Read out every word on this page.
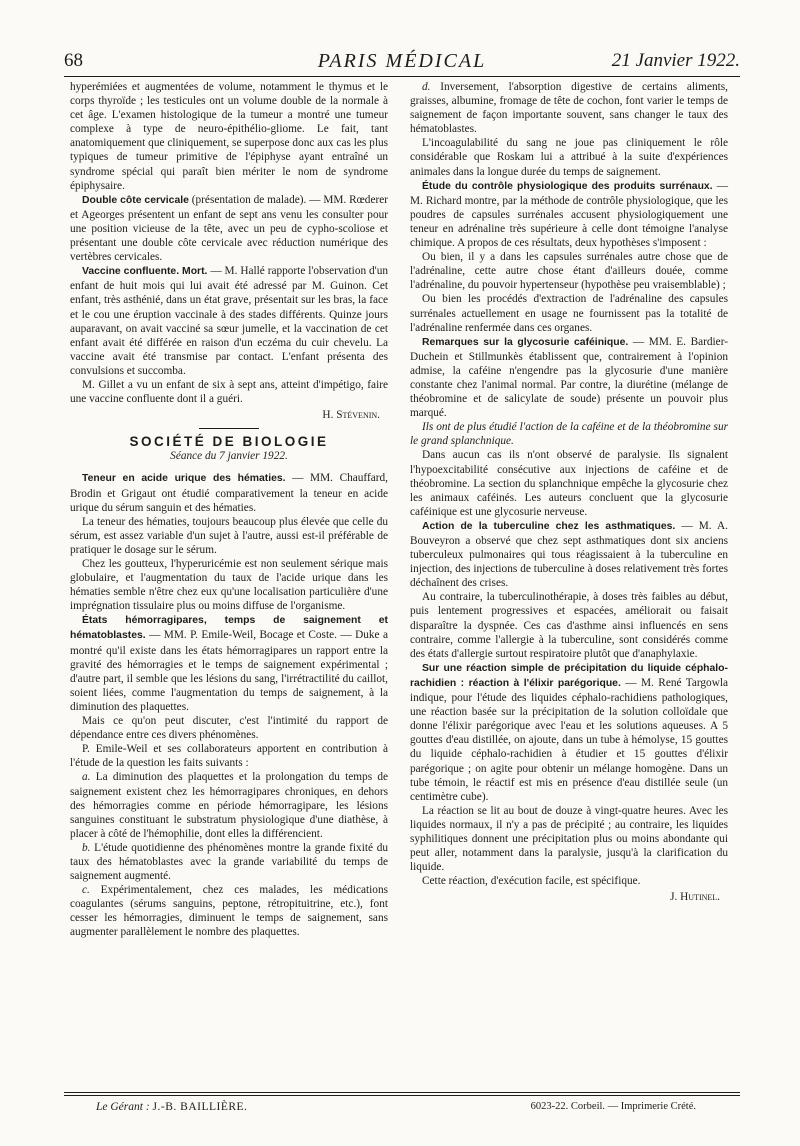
68	PARIS MÉDICAL	21 Janvier 1922.

hyperémiées et augmentées de volume, notamment le thymus et le corps thyroïde ; les testicules ont un volume double de la normale à cet âge. L'examen histologique de la tumeur a montré une tumeur complexe à type de neuro-épithélio-gliome. Le fait, tant anatomiquement que cliniquement, se superpose donc aux cas les plus typiques de tumeur primitive de l'épiphyse ayant entraîné un syndrome spécial qui paraît bien mériter le nom de syndrome épiphysaire.

Double côte cervicale (présentation de malade). — MM. Rœderer et Ageorges présentent un enfant de sept ans venu les consulter pour une position vicieuse de la tête, avec un peu de cypho-scoliose et présentant une double côte cervicale avec réduction numérique des vertèbres cervicales.

Vaccine confluente. Mort. — M. Hallé rapporte l'observation d'un enfant de huit mois qui lui avait été adressé par M. Guinon. Cet enfant, très asthénié, dans un état grave, présentait sur les bras, la face et le cou une éruption vaccinale à des stades différents. Quinze jours auparavant, on avait vacciné sa sœur jumelle, et la vaccination de cet enfant avait été différée en raison d'un eczéma du cuir chevelu. La vaccine avait été transmise par contact. L'enfant présenta des convulsions et succomba.

M. Gillet a vu un enfant de six à sept ans, atteint d'impétigo, faire une vaccine confluente dont il a guéri.

H. Stévenin.
SOCIÉTÉ DE BIOLOGIE
Séance du 7 janvier 1922.

Teneur en acide urique des hématies. — MM. Chauffard, Brodin et Grigaut ont étudié comparativement la teneur en acide urique du sérum sanguin et des hématies.

La teneur des hématies, toujours beaucoup plus élevée que celle du sérum, est assez variable d'un sujet à l'autre, aussi est-il préférable de pratiquer le dosage sur le sérum.

Chez les goutteux, l'hyperuricémie est non seulement sérique mais globulaire, et l'augmentation du taux de l'acide urique dans les hématies semble n'être chez eux qu'une localisation particulière d'une imprégnation tissulaire plus ou moins diffuse de l'organisme.

États hémorragipares, temps de saignement et hématoblastes. — MM. P. Emile-Weil, Bocage et Coste. — Duke a montré qu'il existe dans les états hémorragipares un rapport entre la gravité des hémorragies et le temps de saignement expérimental ; d'autre part, il semble que les lésions du sang, l'irrétractilité du caillot, soient liées, comme l'augmentation du temps de saignement, à la diminution des plaquettes.

Mais ce qu'on peut discuter, c'est l'intimité du rapport de dépendance entre ces divers phénomènes.

P. Emile-Weil et ses collaborateurs apportent en contribution à l'étude de la question les faits suivants :

a. La diminution des plaquettes et la prolongation du temps de saignement existent chez les hémorragipares chroniques, en dehors des hémorragies comme en période hémorragipare, les lésions sanguines constituant le substratum physiologique d'une diathèse, à placer à côté de l'hémophilie, dont elles la différencient.

b. L'étude quotidienne des phénomènes montre la grande fixité du taux des hématoblastes avec la grande variabilité du temps de saignement augmenté.

c. Expérimentalement, chez ces malades, les médications coagulantes (sérums sanguins, peptone, rétropituitrine, etc.), font cesser les hémorragies, diminuent le temps de saignement, sans augmenter parallèlement le nombre des plaquettes.

d. Inversement, l'absorption digestive de certains aliments, graisses, albumine, fromage de tête de cochon, font varier le temps de saignement de façon importante souvent, sans changer le taux des hématoblastes.

L'incoagulabilité du sang ne joue pas cliniquement le rôle considérable que Roskam lui a attribué à la suite d'expériences animales dans la longue durée du temps de saignement.

Étude du contrôle physiologique des produits surrénaux. — M. Richard montre, par la méthode de contrôle physiologique, que les poudres de capsules surrénales accusent physiologiquement une teneur en adrénaline très supérieure à celle dont témoigne l'analyse chimique. A propos de ces résultats, deux hypothèses s'imposent :

Ou bien, il y a dans les capsules surrénales autre chose que de l'adrénaline, cette autre chose étant d'ailleurs douée, comme l'adrénaline, du pouvoir hypertenseur (hypothèse peu vraisemblable) ;

Ou bien les procédés d'extraction de l'adrénaline des capsules surrénales actuellement en usage ne fournissent pas la totalité de l'adrénaline renfermée dans ces organes.

Remarques sur la glycosurie caféinique. — MM. E. Bardier-Duchein et Stillmunkès établissent que, contrairement à l'opinion admise, la caféine n'engendre pas la glycosurie d'une manière constante chez l'animal normal. Par contre, la diurétine (mélange de théobromine et de salicylate de soude) présente un pouvoir plus marqué.

Ils ont de plus étudié l'action de la caféine et de la théobromine sur le grand splanchnique.

Dans aucun cas ils n'ont observé de paralysie. Ils signalent l'hypoexcitabilité consécutive aux injections de caféine et de théobromine. La section du splanchnique empêche la glycosurie chez les animaux caféinés. Les auteurs concluent que la glycosurie caféinique est une glycosurie nerveuse.

Action de la tuberculine chez les asthmatiques. — M. A. Bouveyron a observé que chez sept asthmatiques dont six anciens tuberculeux pulmonaires qui tous réagissaient à la tuberculine en injection, des injections de tuberculine à doses relativement très fortes déchaînent des crises.

Au contraire, la tuberculinothérapie, à doses très faibles au début, puis lentement progressives et espacées, améliorait ou faisait disparaître la dyspnée. Ces cas d'asthme ainsi influencés en sens contraire, comme l'allergie à la tuberculine, sont considérés comme des états d'allergie surtout respiratoire plutôt que d'anaphylaxie.

Sur une réaction simple de précipitation du liquide céphalo-rachidien : réaction à l'élixir parégorique. — M. René Targowla indique, pour l'étude des liquides céphalo-rachidiens pathologiques, une réaction basée sur la précipitation de la solution colloïdale que donne l'élixir parégorique avec l'eau et les solutions aqueuses. A 5 gouttes d'eau distillée, on ajoute, dans un tube à hémolyse, 15 gouttes du liquide céphalo-rachidien à étudier et 15 gouttes d'élixir parégorique ; on agite pour obtenir un mélange homogène. Dans un tube témoin, le réactif est mis en présence d'eau distillée seule (un centimètre cube).

La réaction se lit au bout de douze à vingt-quatre heures. Avec les liquides normaux, il n'y a pas de précipité ; au contraire, les liquides syphilitiques donnent une précipitation plus ou moins abondante qui peut aller, notamment dans la paralysie, jusqu'à la clarification du liquide.

Cette réaction, d'exécution facile, est spécifique.

J. Hutinel.
Le Gérant : J.-B. BAILLIÈRE.	6023-22. Corbeil. — Imprimerie Crété.
